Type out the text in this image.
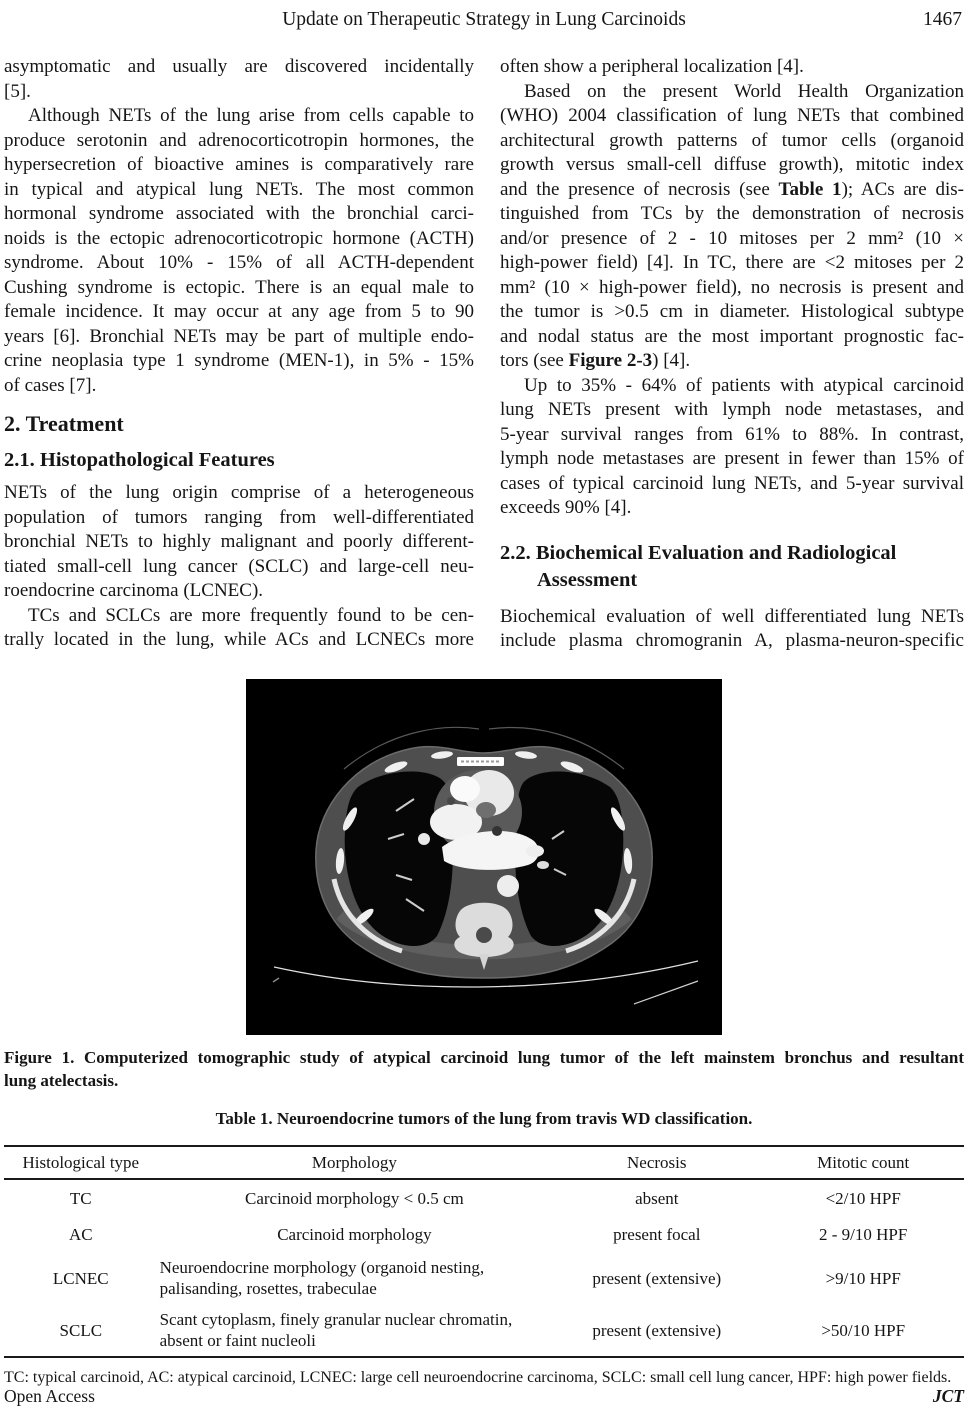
Update on Therapeutic Strategy in Lung Carcinoids	1467
asymptomatic and usually are discovered incidentally
[5].
Although NETs of the lung arise from cells capable to
produce serotonin and adrenocorticotropin hormones, the
hypersecretion of bioactive amines is comparatively rare
in typical and atypical lung NETs. The most common
hormonal syndrome associated with the bronchial carci-
noids is the ectopic adrenocorticotropic hormone (ACTH)
syndrome. About 10% - 15% of all ACTH-dependent
Cushing syndrome is ectopic. There is an equal male to
female incidence. It may occur at any age from 5 to 90
years [6]. Bronchial NETs may be part of multiple endo-
crine neoplasia type 1 syndrome (MEN-1), in 5% - 15%
of cases [7].
2. Treatment
2.1. Histopathological Features
NETs of the lung origin comprise of a heterogeneous
population of tumors ranging from well-differentiated
bronchial NETs to highly malignant and poorly different-
tiated small-cell lung cancer (SCLC) and large-cell neu-
roendocrine carcinoma (LCNEC).
TCs and SCLCs are more frequently found to be cen-
trally located in the lung, while ACs and LCNECs more
often show a peripheral localization [4].
Based on the present World Health Organization
(WHO) 2004 classification of lung NETs that combined
architectural growth patterns of tumor cells (organoid
growth versus small-cell diffuse growth), mitotic index
and the presence of necrosis (see Table 1); ACs are dis-
tinguished from TCs by the demonstration of necrosis
and/or presence of 2 - 10 mitoses per 2 mm² (10 ×
high-power field) [4]. In TC, there are <2 mitoses per 2
mm² (10 × high-power field), no necrosis is present and
the tumor is >0.5 cm in diameter. Histological subtype
and nodal status are the most important prognostic fac-
tors (see Figure 2-3) [4].
Up to 35% - 64% of patients with atypical carcinoid
lung NETs present with lymph node metastases, and
5-year survival ranges from 61% to 88%. In contrast,
lymph node metastases are present in fewer than 15% of
cases of typical carcinoid lung NETs, and 5-year survival
exceeds 90% [4].
2.2. Biochemical Evaluation and Radiological
Assessment
Biochemical evaluation of well differentiated lung NETs
include plasma chromogranin A, plasma-neuron-specific
Figure 1. Computerized tomographic study of atypical carcinoid lung tumor of the left mainstem bronchus and resultant
lung atelectasis.
Table 1. Neuroendocrine tumors of the lung from travis WD classification.
Histological type	Morphology	Necrosis	Mitotic count
TC	Carcinoid morphology < 0.5 cm	absent	<2/10 HPF
AC	Carcinoid morphology	present focal	2 - 9/10 HPF
LCNEC	Neuroendocrine morphology (organoid nesting,
palisanding, rosettes, trabeculae	present (extensive)	>9/10 HPF
SCLC	Scant cytoplasm, finely granular nuclear chromatin,
absent or faint nucleoli	present (extensive)	>50/10 HPF
TC: typical carcinoid, AC: atypical carcinoid, LCNEC: large cell neuroendocrine carcinoma, SCLC: small cell lung cancer, HPF: high power fields.
Open Access	JCT
